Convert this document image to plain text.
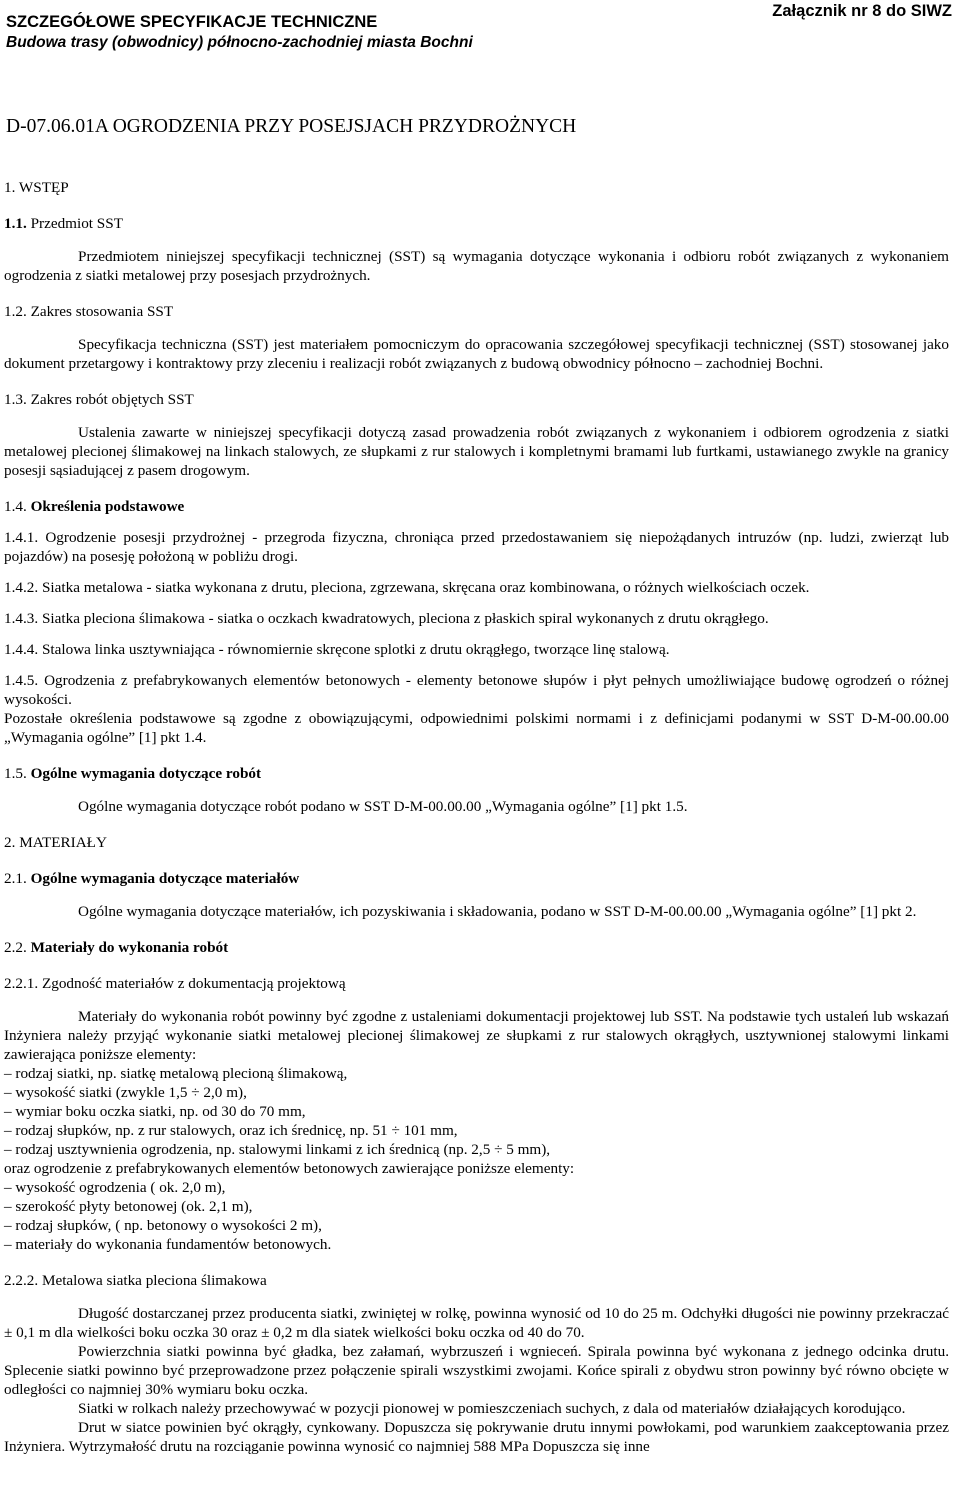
SZCZEGÓŁOWE SPECYFIKACJE TECHNICZNE
Budowa trasy (obwodnicy) północno-zachodniej miasta Bochni
Załącznik nr 8 do SIWZ
D-07.06.01A OGRODZENIA PRZY POSEJSJACH PRZYDROŻNYCH

1. WSTĘP

1.1. Przedmiot SST

Przedmiotem niniejszej specyfikacji technicznej (SST) są wymagania dotyczące wykonania i odbioru robót związanych z wykonaniem ogrodzenia z siatki metalowej przy posesjach przydrożnych.

1.2. Zakres stosowania SST

Specyfikacja techniczna (SST) jest materiałem pomocniczym do opracowania szczegółowej specyfikacji technicznej (SST) stosowanej jako dokument przetargowy i kontraktowy przy zleceniu i realizacji robót związanych z budową obwodnicy północno – zachodniej Bochni.

1.3. Zakres robót objętych SST

Ustalenia zawarte w niniejszej specyfikacji dotyczą zasad prowadzenia robót związanych z wykonaniem i odbiorem ogrodzenia z siatki metalowej plecionej ślimakowej na linkach stalowych, ze słupkami z rur stalowych i kompletnymi bramami lub furtkami, ustawianego zwykle na granicy posesji sąsiadującej z pasem drogowym.

1.4. Określenia podstawowe

1.4.1. Ogrodzenie posesji przydrożnej - przegroda fizyczna, chroniąca przed przedostawaniem się niepożądanych intruzów (np. ludzi, zwierząt lub pojazdów) na posesję położoną w pobliżu drogi.

1.4.2. Siatka metalowa - siatka wykonana z drutu, pleciona, zgrzewana, skręcana oraz kombinowana, o różnych wielkościach oczek.

1.4.3. Siatka pleciona ślimakowa - siatka o oczkach kwadratowych, pleciona z płaskich spiral wykonanych z drutu okrągłego.

1.4.4. Stalowa linka usztywniająca - równomiernie skręcone splotki z drutu okrągłego, tworzące linę stalową.

1.4.5. Ogrodzenia z prefabrykowanych elementów betonowych - elementy betonowe słupów i płyt pełnych umożliwiające budowę ogrodzeń o różnej wysokości.

Pozostałe określenia podstawowe są zgodne z obowiązującymi, odpowiednimi polskimi normami i z definicjami podanymi w SST D-M-00.00.00 „Wymagania ogólne” [1] pkt 1.4.

1.5. Ogólne wymagania dotyczące robót

Ogólne wymagania dotyczące robót podano w SST D-M-00.00.00 „Wymagania ogólne” [1] pkt 1.5.

2. MATERIAŁY

2.1. Ogólne wymagania dotyczące materiałów

Ogólne wymagania dotyczące materiałów, ich pozyskiwania i składowania, podano w SST D-M-00.00.00 „Wymagania ogólne” [1] pkt 2.

2.2. Materiały do wykonania robót

2.2.1. Zgodność materiałów z dokumentacją projektową

Materiały do wykonania robót powinny być zgodne z ustaleniami dokumentacji projektowej lub SST. Na podstawie tych ustaleń lub wskazań Inżyniera należy przyjąć wykonanie siatki metalowej plecionej ślimakowej ze słupkami z rur stalowych okrągłych, usztywnionej stalowymi linkami zawierająca poniższe elementy:

– rodzaj siatki, np. siatkę metalową plecioną ślimakową,

– wysokość siatki (zwykle 1,5 ÷ 2,0 m),

– wymiar boku oczka siatki, np. od 30 do 70 mm,

– rodzaj słupków, np. z rur stalowych, oraz ich średnicę, np. 51 ÷ 101 mm,

– rodzaj usztywnienia ogrodzenia, np. stalowymi linkami z ich średnicą (np. 2,5 ÷ 5 mm),

oraz ogrodzenie z prefabrykowanych elementów betonowych zawierające poniższe elementy:

– wysokość ogrodzenia ( ok. 2,0 m),

– szerokość płyty betonowej (ok. 2,1 m),

– rodzaj słupków, ( np. betonowy o wysokości 2 m),

– materiały do wykonania fundamentów betonowych.

2.2.2. Metalowa siatka pleciona ślimakowa

Długość dostarczanej przez producenta siatki, zwiniętej w rolkę, powinna wynosić od 10 do 25 m. Odchyłki długości nie powinny przekraczać ± 0,1 m dla wielkości boku oczka 30 oraz ± 0,2 m dla siatek wielkości boku oczka od 40 do 70.

Powierzchnia siatki powinna być gładka, bez załamań, wybrzuszeń i wgnieceń. Spirala powinna być wykonana z jednego odcinka drutu. Splecenie siatki powinno być przeprowadzone przez połączenie spirali wszystkimi zwojami. Końce spirali z obydwu stron powinny być równo obcięte w odległości co najmniej 30% wymiaru boku oczka.

Siatki w rolkach należy przechowywać w pozycji pionowej w pomieszczeniach suchych, z dala od materiałów działających korodująco.

Drut w siatce powinien być okrągły, cynkowany. Dopuszcza się pokrywanie drutu innymi powłokami, pod warunkiem zaakceptowania przez Inżyniera. Wytrzymałość drutu na rozciąganie powinna wynosić co najmniej 588 MPa Dopuszcza się inne
